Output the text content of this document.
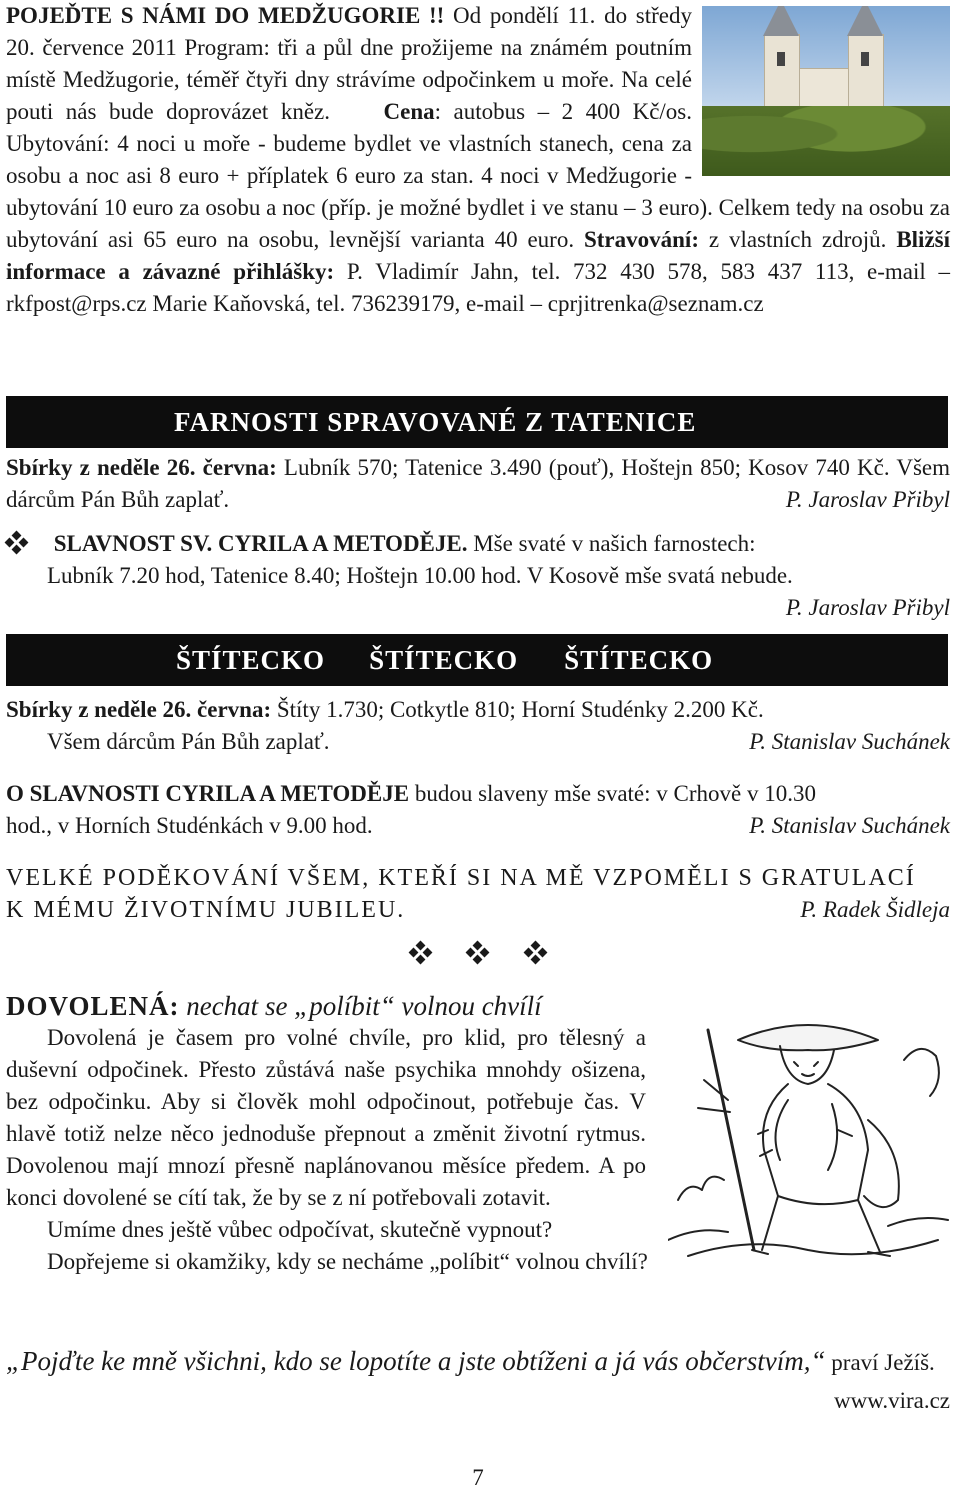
POJEĎTE S NÁMI DO MEDŽUGORIE !! Od pondělí 11. do středy 20. července 2011 Program: tři a půl dne prožijeme na známém poutním místě Medžugorie, téměř čtyři dny strávíme odpočinkem u moře. Na celé pouti nás bude doprovázet kněz. Cena: autobus – 2 400 Kč/os. Ubytování: 4 noci u moře - budeme bydlet ve vlastních stanech, cena za osobu a noc asi 8 euro + příplatek 6 euro za stan. 4 noci v Medžugorie - ubytování 10 euro za osobu a noc (příp. je možné bydlet i ve stanu – 3 euro). Celkem tedy na osobu za ubytování asi 65 euro na osobu, levnější varianta 40 euro. Stravování: z vlastních zdrojů. Bližší informace a závazné přihlášky: P. Vladimír Jahn, tel. 732 430 578, 583 437 113, e-mail – rkfpost@rps.cz Marie Kaňovská, tel. 736239179, e-mail – cprjitrenka@seznam.cz

FARNOSTI SPRAVOVANÉ Z TATENICE

Sbírky z neděle 26. června: Lubník 570; Tatenice 3.490 (pouť), Hoštejn 850; Kosov 740 Kč. Všem dárcům Pán Bůh zaplať.	P. Jaroslav Přibyl

SLAVNOST SV. CYRILA A METODĚJE. Mše svaté v našich farnostech:

Lubník 7.20 hod, Tatenice 8.40; Hoštejn 10.00 hod. V Kosově mše svatá nebude.

P. Jaroslav Přibyl

ŠTÍTECKO ŠTÍTECKO ŠTÍTECKO

Sbírky z neděle 26. června: Štíty 1.730; Cotkytle 810; Horní Studénky 2.200 Kč.

Všem dárcům Pán Bůh zaplať.	P. Stanislav Suchánek

O SLAVNOSTI CYRILA A METODĚJE budou slaveny mše svaté: v Crhově v 10.30

hod., v Horních Studénkách v 9.00 hod.	P. Stanislav Suchánek

VELKÉ PODĚKOVÁNÍ VŠEM, KTEŘÍ SI NA MĚ VZPOMĚLI S GRATULACÍ

K MÉMU ŽIVOTNÍMU JUBILEU.	P. Radek Šidleja

DOVOLENÁ: nechat se „políbit“ volnou chvílí

Dovolená je časem pro volné chvíle, pro klid, pro tělesný a duševní odpočinek. Přesto zůstává naše psychika mnohdy ošizena, bez odpočinku. Aby si člověk mohl odpočinout, potřebuje čas. V hlavě totiž nelze něco jednoduše přepnout a změnit životní rytmus. Dovolenou mají mnozí přesně naplánovanou měsíce předem. A po konci dovolené se cítí tak, že by se z ní potřebovali zotavit.

Umíme dnes ještě vůbec odpočívat, skutečně vypnout?

Dopřejeme si okamžiky, kdy se necháme „políbit“ volnou chvílí?

„Pojďte ke mně všichni, kdo se lopotíte a jste obtíženi a já vás občerstvím,“ praví Ježíš.
www.vira.cz

7
